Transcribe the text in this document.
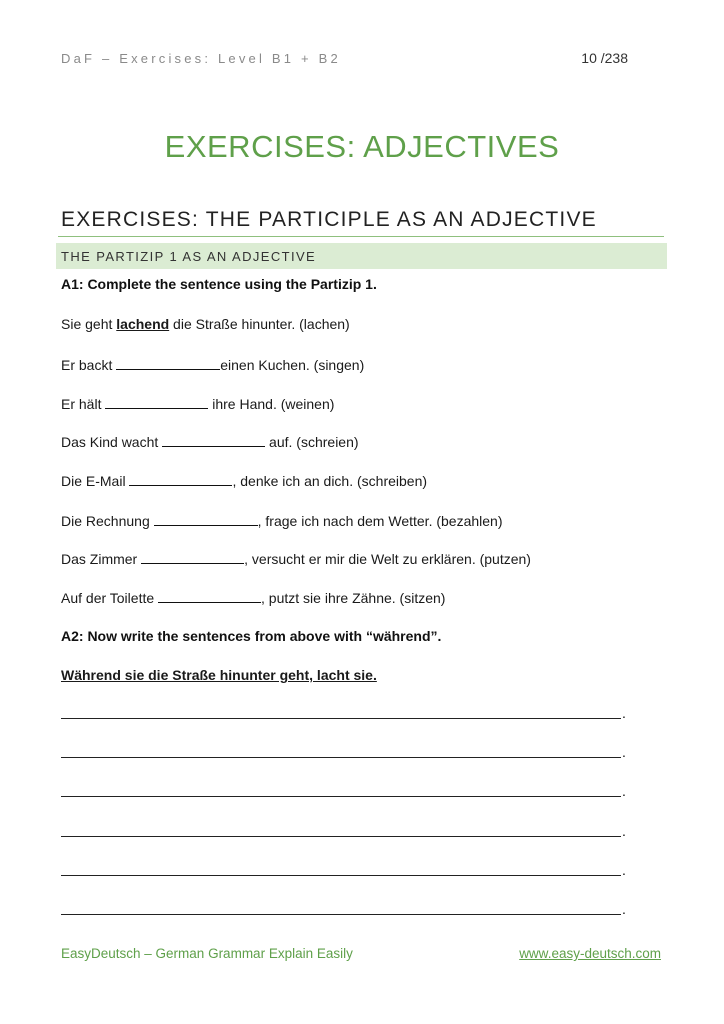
DaF – Exercises: Level B1 + B2	10 /238
EXERCISES: ADJECTIVES
EXERCISES: THE PARTICIPLE AS AN ADJECTIVE
THE PARTIZIP 1 AS AN ADJECTIVE
A1: Complete the sentence using the Partizip 1.
Sie geht lachend die Straße hinunter. (lachen)
Er backt	einen Kuchen. (singen)
Er hält	ihre Hand. (weinen)
Das Kind wacht	auf. (schreien)
Die E-Mail	, denke ich an dich. (schreiben)
Die Rechnung	, frage ich nach dem Wetter. (bezahlen)
Das Zimmer	, versucht er mir die Welt zu erklären. (putzen)
Auf der Toilette	, putzt sie ihre Zähne. (sitzen)
A2: Now write the sentences from above with “während”.
Während sie die Straße hinunter geht, lacht sie.
.
.
.
.
.
.
EasyDeutsch – German Grammar Explain Easily	www.easy-deutsch.com
